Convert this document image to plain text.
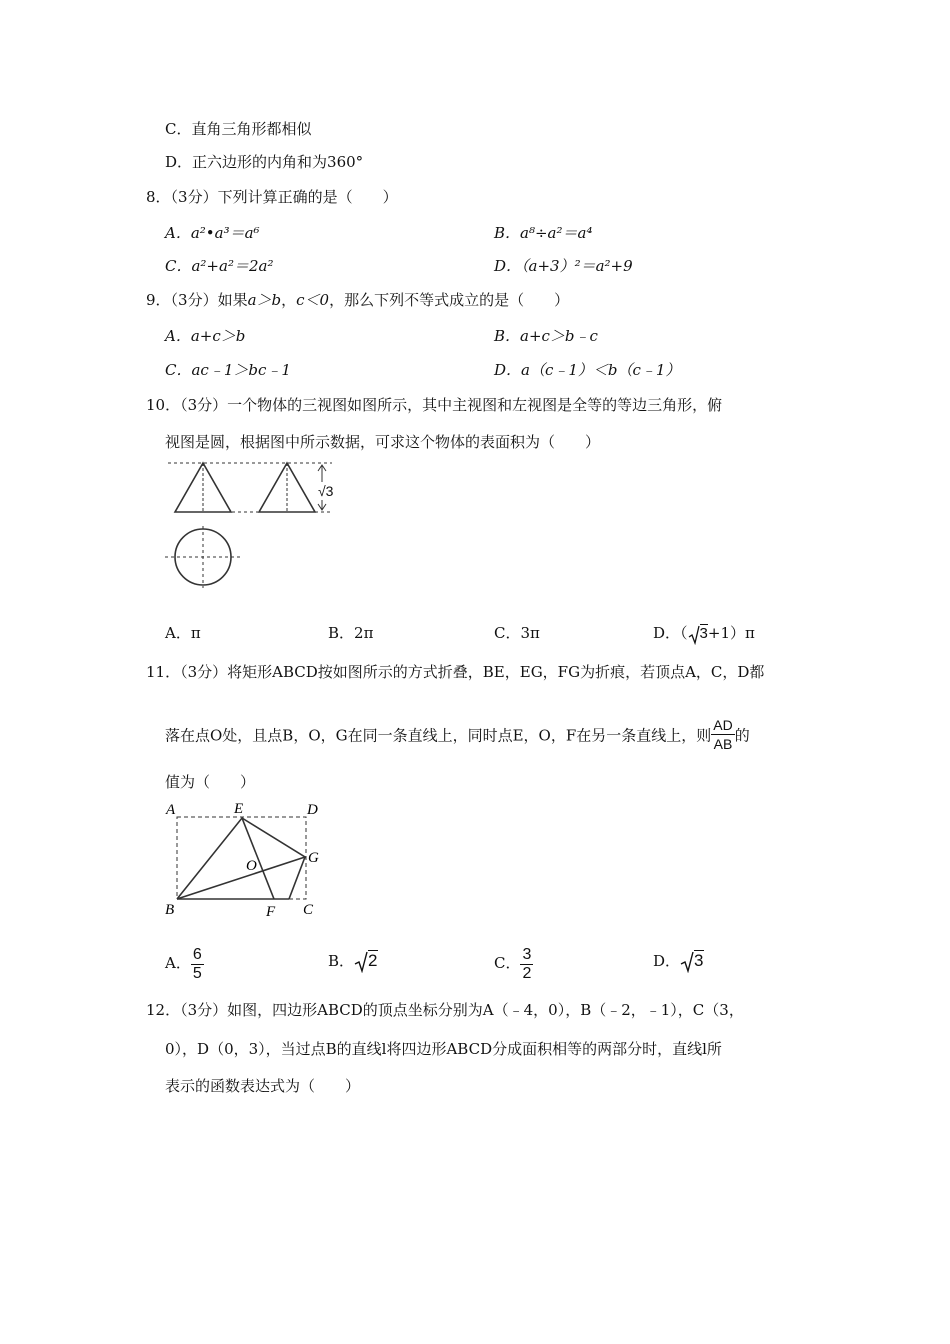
C．直角三角形都相似
D．正六边形的内角和为360°
8．（3分）下列计算正确的是（　　）
A．a²•a³＝a⁶	B．a⁸÷a²＝a⁴
C．a²+a²＝2a²	D．（a+3）²＝a²+9
9．（3分）如果a＞b，c＜0，那么下列不等式成立的是（　　）
A．a+c＞b	B．a+c＞b﹣c
C．ac﹣1＞bc﹣1	D．a（c﹣1）＜b（c﹣1）
10．（3分）一个物体的三视图如图所示，其中主视图和左视图是全等的等边三角形，俯
视图是圆，根据图中所示数据，可求这个物体的表面积为（　　）
√3
A．π	B．2π	C．3π	D．（ 3+1）π
11．（3分）将矩形ABCD按如图所示的方式折叠，BE，EG，FG为折痕，若顶点A，C，D都
落在点O处，且点B，O，G在同一条直线上，同时点E，O，F在另一条直线上，则 $\frac{AD}{AB}$ 的
值为（　　）
A	E	D
O	G
B	F C
A． $\frac{6}{5}$	B． 2	C． $\frac{3}{2}$	D． 3
12．（3分）如图，四边形ABCD的顶点坐标分别为A（﹣4，0），B（﹣2，﹣1），C（3，
0），D（0，3），当过点B的直线l将四边形ABCD分成面积相等的两部分时，直线l所
表示的函数表达式为（　　）
